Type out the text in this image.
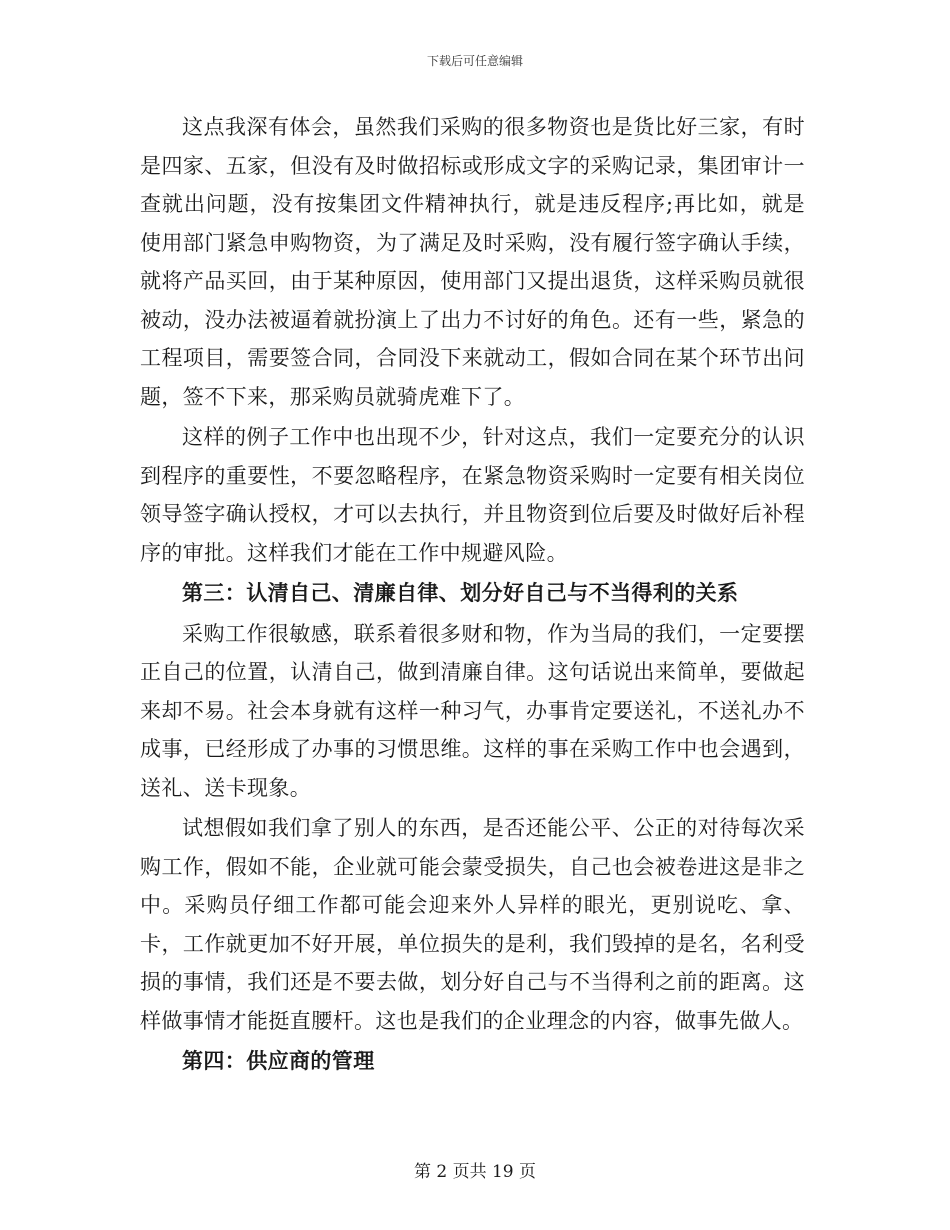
下载后可任意编辑

这点我深有体会，虽然我们采购的很多物资也是货比好三家，有时是四家、五家，但没有及时做招标或形成文字的采购记录，集团审计一查就出问题，没有按集团文件精神执行，就是违反程序;再比如，就是使用部门紧急申购物资，为了满足及时采购，没有履行签字确认手续，就将产品买回，由于某种原因，使用部门又提出退货，这样采购员就很被动，没办法被逼着就扮演上了出力不讨好的角色。还有一些，紧急的工程项目，需要签合同，合同没下来就动工，假如合同在某个环节出问题，签不下来，那采购员就骑虎难下了。

这样的例子工作中也出现不少，针对这点，我们一定要充分的认识到程序的重要性，不要忽略程序，在紧急物资采购时一定要有相关岗位领导签字确认授权，才可以去执行，并且物资到位后要及时做好后补程序的审批。这样我们才能在工作中规避风险。

第三：认清自己、清廉自律、划分好自己与不当得利的关系

采购工作很敏感，联系着很多财和物，作为当局的我们，一定要摆正自己的位置，认清自己，做到清廉自律。这句话说出来简单，要做起来却不易。社会本身就有这样一种习气，办事肯定要送礼，不送礼办不成事，已经形成了办事的习惯思维。这样的事在采购工作中也会遇到，送礼、送卡现象。

试想假如我们拿了别人的东西，是否还能公平、公正的对待每次采购工作，假如不能，企业就可能会蒙受损失，自己也会被卷进这是非之中。采购员仔细工作都可能会迎来外人异样的眼光，更别说吃、拿、卡，工作就更加不好开展，单位损失的是利，我们毁掉的是名，名利受损的事情，我们还是不要去做，划分好自己与不当得利之前的距离。这样做事情才能挺直腰杆。这也是我们的企业理念的内容，做事先做人。

第四：供应商的管理

第 2 页共 19 页
